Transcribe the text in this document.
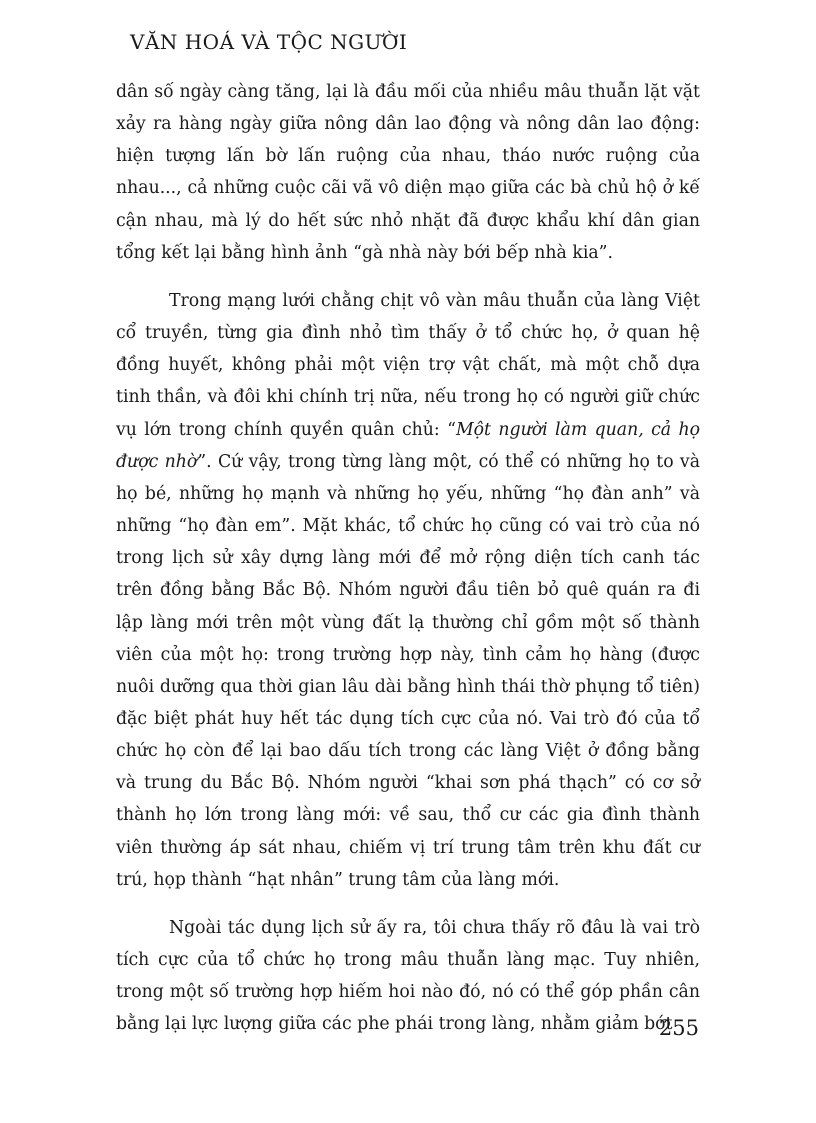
VĂN HOÁ VÀ TỘC NGƯỜI

dân số ngày càng tăng, lại là đầu mối của nhiều mâu thuẫn lặt vặt xảy ra hàng ngày giữa nông dân lao động và nông dân lao động: hiện tượng lấn bờ lấn ruộng của nhau, tháo nước ruộng của nhau..., cả những cuộc cãi vã vô diện mạo giữa các bà chủ hộ ở kế cận nhau, mà lý do hết sức nhỏ nhặt đã được khẩu khí dân gian tổng kết lại bằng hình ảnh “gà nhà này bới bếp nhà kia”.

Trong mạng lưới chằng chịt vô vàn mâu thuẫn của làng Việt cổ truyền, từng gia đình nhỏ tìm thấy ở tổ chức họ, ở quan hệ đồng huyết, không phải một viện trợ vật chất, mà một chỗ dựa tinh thần, và đôi khi chính trị nữa, nếu trong họ có người giữ chức vụ lớn trong chính quyền quân chủ: “Một người làm quan, cả họ được nhờ”. Cứ vậy, trong từng làng một, có thể có những họ to và họ bé, những họ mạnh và những họ yếu, những “họ đàn anh” và những “họ đàn em”. Mặt khác, tổ chức họ cũng có vai trò của nó trong lịch sử xây dựng làng mới để mở rộng diện tích canh tác trên đồng bằng Bắc Bộ. Nhóm người đầu tiên bỏ quê quán ra đi lập làng mới trên một vùng đất lạ thường chỉ gồm một số thành viên của một họ: trong trường hợp này, tình cảm họ hàng (được nuôi dưỡng qua thời gian lâu dài bằng hình thái thờ phụng tổ tiên) đặc biệt phát huy hết tác dụng tích cực của nó. Vai trò đó của tổ chức họ còn để lại bao dấu tích trong các làng Việt ở đồng bằng và trung du Bắc Bộ. Nhóm người “khai sơn phá thạch” có cơ sở thành họ lớn trong làng mới: về sau, thổ cư các gia đình thành viên thường áp sát nhau, chiếm vị trí trung tâm trên khu đất cư trú, họp thành “hạt nhân” trung tâm của làng mới.

Ngoài tác dụng lịch sử ấy ra, tôi chưa thấy rõ đâu là vai trò tích cực của tổ chức họ trong mâu thuẫn làng mạc. Tuy nhiên, trong một số trường hợp hiếm hoi nào đó, nó có thể góp phần cân bằng lại lực lượng giữa các phe phái trong làng, nhằm giảm bớt

255
